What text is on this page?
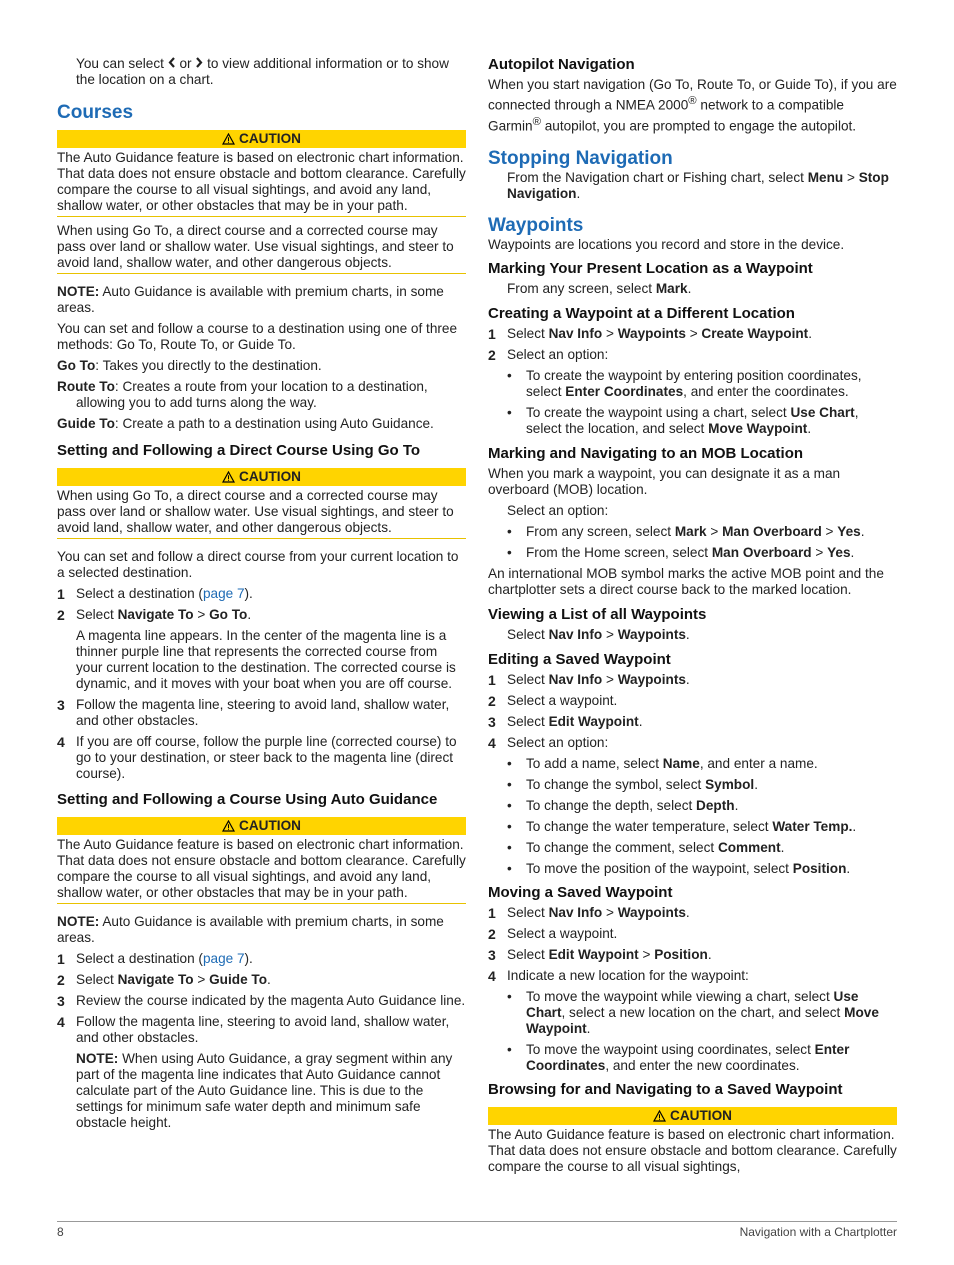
You can select or to view additional information or to show the location on a chart.

Courses
CAUTION

The Auto Guidance feature is based on electronic chart information. That data does not ensure obstacle and bottom clearance. Carefully compare the course to all visual sightings, and avoid any land, shallow water, or other obstacles that may be in your path.

When using Go To, a direct course and a corrected course may pass over land or shallow water. Use visual sightings, and steer to avoid land, shallow water, and other dangerous objects.

NOTE: Auto Guidance is available with premium charts, in some areas.

You can set and follow a course to a destination using one of three methods: Go To, Route To, or Guide To.

Go To: Takes you directly to the destination.

Route To: Creates a route from your location to a destination, allowing you to add turns along the way.

Guide To: Create a path to a destination using Auto Guidance.

Setting and Following a Direct Course Using Go To
CAUTION

When using Go To, a direct course and a corrected course may pass over land or shallow water. Use visual sightings, and steer to avoid land, shallow water, and other dangerous objects.

You can set and follow a direct course from your current location to a selected destination.

1 Select a destination (page 7).
2 Select Navigate To > Go To.

A magenta line appears. In the center of the magenta line is a thinner purple line that represents the corrected course from your current location to the destination. The corrected course is dynamic, and it moves with your boat when you are off course.

3 Follow the magenta line, steering to avoid land, shallow water, and other obstacles.
4 If you are off course, follow the purple line (corrected course) to go to your destination, or steer back to the magenta line (direct course).
Setting and Following a Course Using Auto Guidance
CAUTION

The Auto Guidance feature is based on electronic chart information. That data does not ensure obstacle and bottom clearance. Carefully compare the course to all visual sightings, and avoid any land, shallow water, or other obstacles that may be in your path.

NOTE: Auto Guidance is available with premium charts, in some areas.

1 Select a destination (page 7).
2 Select Navigate To > Guide To.
3 Review the course indicated by the magenta Auto Guidance line.
4 Follow the magenta line, steering to avoid land, shallow water, and other obstacles.

NOTE: When using Auto Guidance, a gray segment within any part of the magenta line indicates that Auto Guidance cannot calculate part of the Auto Guidance line. This is due to the settings for minimum safe water depth and minimum safe obstacle height.

Autopilot Navigation

When you start navigation (Go To, Route To, or Guide To), if you are connected through a NMEA 2000® network to a compatible Garmin® autopilot, you are prompted to engage the autopilot.

Stopping Navigation

From the Navigation chart or Fishing chart, select Menu > Stop Navigation.

Waypoints

Waypoints are locations you record and store in the device.

Marking Your Present Location as a Waypoint

From any screen, select Mark.

Creating a Waypoint at a Different Location
1 Select Nav Info > Waypoints > Create Waypoint.
2 Select an option:
•	To create the waypoint by entering position coordinates, select Enter Coordinates, and enter the coordinates.
•	To create the waypoint using a chart, select Use Chart, select the location, and select Move Waypoint.
Marking and Navigating to an MOB Location

When you mark a waypoint, you can designate it as a man overboard (MOB) location.

Select an option:

•	From any screen, select Mark > Man Overboard > Yes.
•	From the Home screen, select Man Overboard > Yes.

An international MOB symbol marks the active MOB point and the chartplotter sets a direct course back to the marked location.

Viewing a List of all Waypoints

Select Nav Info > Waypoints.

Editing a Saved Waypoint
1 Select Nav Info > Waypoints.
2 Select a waypoint.
3 Select Edit Waypoint.
4 Select an option:
•	To add a name, select Name, and enter a name.
•	To change the symbol, select Symbol.
•	To change the depth, select Depth.
•	To change the water temperature, select Water Temp..
•	To change the comment, select Comment.
•	To move the position of the waypoint, select Position.
Moving a Saved Waypoint
1 Select Nav Info > Waypoints.
2 Select a waypoint.
3 Select Edit Waypoint > Position.
4 Indicate a new location for the waypoint:
•	To move the waypoint while viewing a chart, select Use Chart, select a new location on the chart, and select Move Waypoint.
•	To move the waypoint using coordinates, select Enter Coordinates, and enter the new coordinates.
Browsing for and Navigating to a Saved Waypoint
CAUTION

The Auto Guidance feature is based on electronic chart information. That data does not ensure obstacle and bottom clearance. Carefully compare the course to all visual sightings,

8	Navigation with a Chartplotter
